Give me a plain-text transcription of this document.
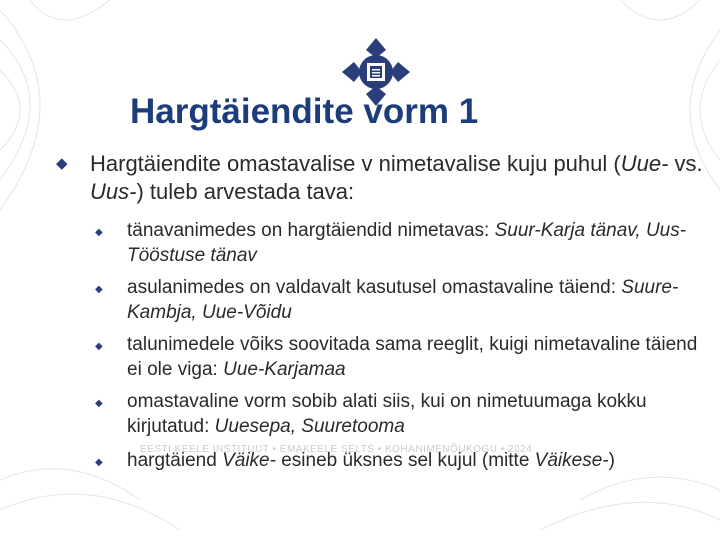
Hargtäiendite vorm 1
◆ Hargtäiendite omastavalise v nimetavalise kuju puhul (Uue- vs. Uus-) tuleb arvestada tava:
◆ tänavanimedes on hargtäiendid nimetavas: Suur-Karja tänav, Uus-Tööstuse tänav
◆ asulanimedes on valdavalt kasutusel omastavaline täiend: Suure-Kambja, Uue-Võidu
◆ talunimedele võiks soovitada sama reeglit, kuigi nimetavaline täiend ei ole viga: Uue-Karjamaa
◆ omastavaline vorm sobib alati siis, kui on nimetuumaga kokku kirjutatud: Uuesepa, Suuretooma
◆ hargtäiend Väike- esineb üksnes sel kujul (mitte Väikese-)
EESTI KEELE INSTITUUT • EMAKEELE SELTS • KOHANIMENÕUKOGU • 2024
